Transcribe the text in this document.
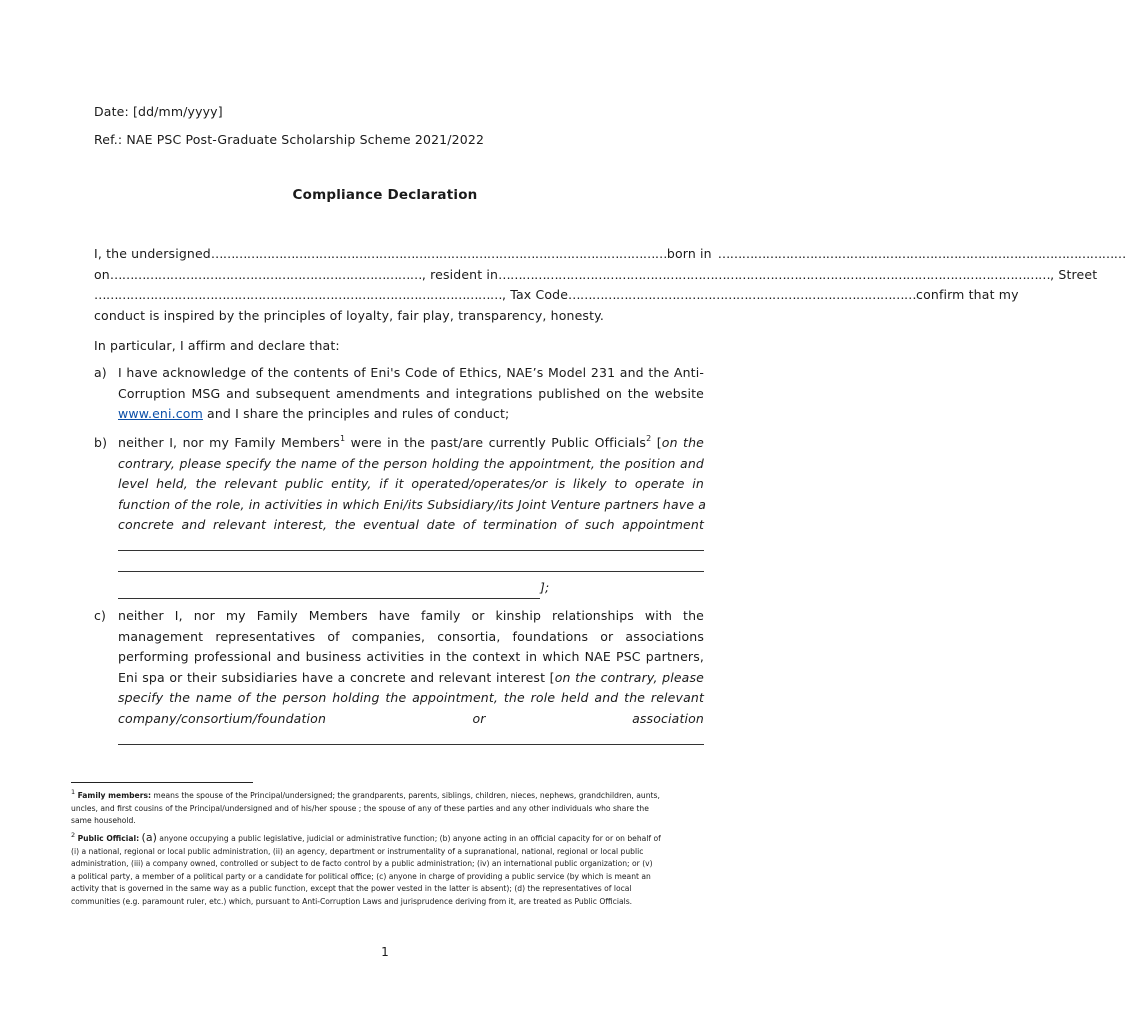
Date: [dd/mm/yyyy]
Ref.: NAE PSC Post-Graduate Scholarship Scheme 2021/2022
Compliance Declaration
I, the undersigned …………………………………………………………………………………………………… born in …………………………………………………………………………………………
on …………………………………………………………………… , resident in ………………………………………………………………………………………………………………………… , Street
………………………………………………………………………………………… , Tax Code …………………………………………………………………………… confirm that my
conduct is inspired by the principles of loyalty, fair play, transparency, honesty.
In particular, I affirm and declare that:
a) I have acknowledge of the contents of Eni's Code of Ethics, NAE’s Model 231 and the Anti-
Corruption MSG and subsequent amendments and integrations published on the website
www.eni.com and I share the principles and rules of conduct;
b) neither I, nor my Family Members$^1$ were in the past/are currently Public Officials$^2$ [on the
contrary, please specify the name of the person holding the appointment, the position and
level held, the relevant public entity, if it operated/operates/or is likely to operate in
function of the role, in activities in which Eni/its Subsidiary/its Joint Venture partners have a
concrete and relevant interest, the eventual date of termination of such appointment
];
c) neither I, nor my Family Members have family or kinship relationships with the
management representatives of companies, consortia, foundations or associations
performing professional and business activities in the context in which NAE PSC partners,
Eni spa or their subsidiaries have a concrete and relevant interest [on the contrary, please
specify the name of the person holding the appointment, the role held and the relevant
company/consortium/foundation	or	association
$^1$ Family members: means the spouse of the Principal/undersigned; the grandparents, parents, siblings, children, nieces, nephews, grandchildren, aunts,
uncles, and first cousins of the Principal/undersigned and of his/her spouse ; the spouse of any of these parties and any other individuals who share the
same household.
$^2$ Public Official: (a) anyone occupying a public legislative, judicial or administrative function; (b) anyone acting in an official capacity for or on behalf of
(i) a national, regional or local public administration, (ii) an agency, department or instrumentality of a supranational, national, regional or local public
administration, (iii) a company owned, controlled or subject to de facto control by a public administration; (iv) an international public organization; or (v)
a political party, a member of a political party or a candidate for political office; (c) anyone in charge of providing a public service (by which is meant an
activity that is governed in the same way as a public function, except that the power vested in the latter is absent); (d) the representatives of local
communities (e.g. paramount ruler, etc.) which, pursuant to Anti-Corruption Laws and jurisprudence deriving from it, are treated as Public Officials.
1
